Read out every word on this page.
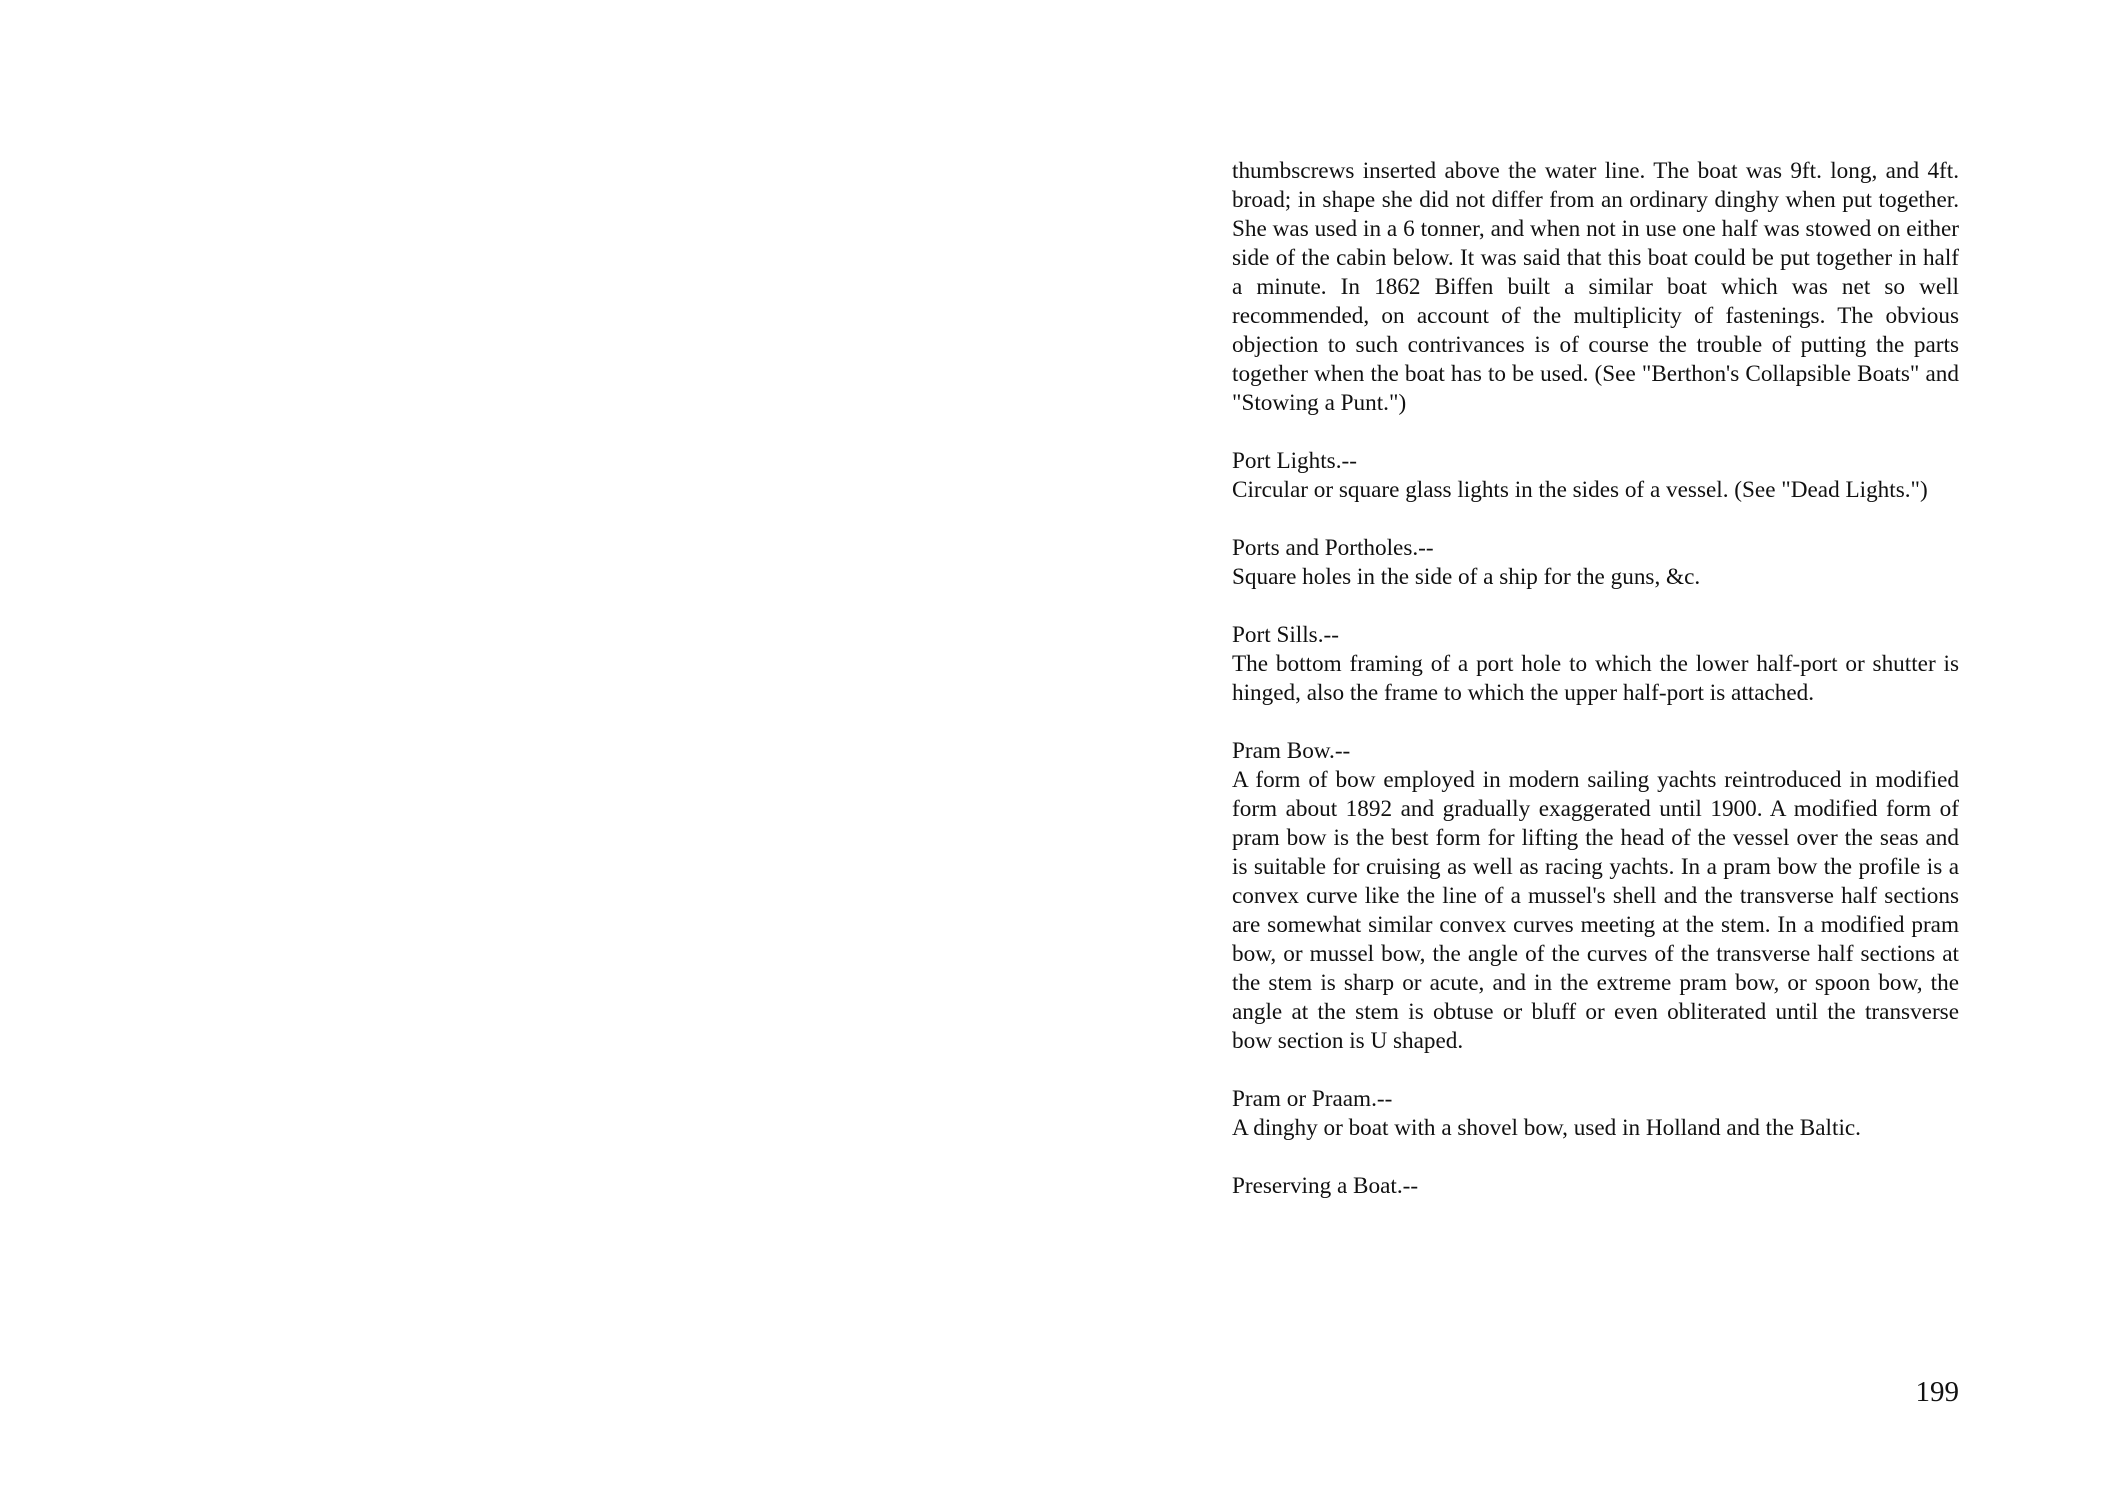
thumbscrews inserted above the water line. The boat was 9ft. long, and 4ft. broad; in shape she did not differ from an ordinary dinghy when put together. She was used in a 6 tonner, and when not in use one half was stowed on either side of the cabin below. It was said that this boat could be put together in half a minute. In 1862 Biffen built a similar boat which was net so well recommended, on account of the multiplicity of fastenings. The obvious objection to such contrivances is of course the trouble of putting the parts together when the boat has to be used. (See "Berthon's Collapsible Boats" and "Stowing a Punt.")

Port Lights.--
Circular or square glass lights in the sides of a vessel. (See "Dead Lights.")
Ports and Portholes.--
Square holes in the side of a ship for the guns, &c.
Port Sills.--
The bottom framing of a port hole to which the lower half-port or shutter is hinged, also the frame to which the upper half-port is attached.
Pram Bow.--
A form of bow employed in modern sailing yachts reintroduced in modified form about 1892 and gradually exaggerated until 1900. A modified form of pram bow is the best form for lifting the head of the vessel over the seas and is suitable for cruising as well as racing yachts. In a pram bow the profile is a convex curve like the line of a mussel's shell and the transverse half sections are somewhat similar convex curves meeting at the stem. In a modified pram bow, or mussel bow, the angle of the curves of the transverse half sections at the stem is sharp or acute, and in the extreme pram bow, or spoon bow, the angle at the stem is obtuse or bluff or even obliterated until the transverse bow section is U shaped.
Pram or Praam.--
A dinghy or boat with a shovel bow, used in Holland and the Baltic.
Preserving a Boat.--
199
